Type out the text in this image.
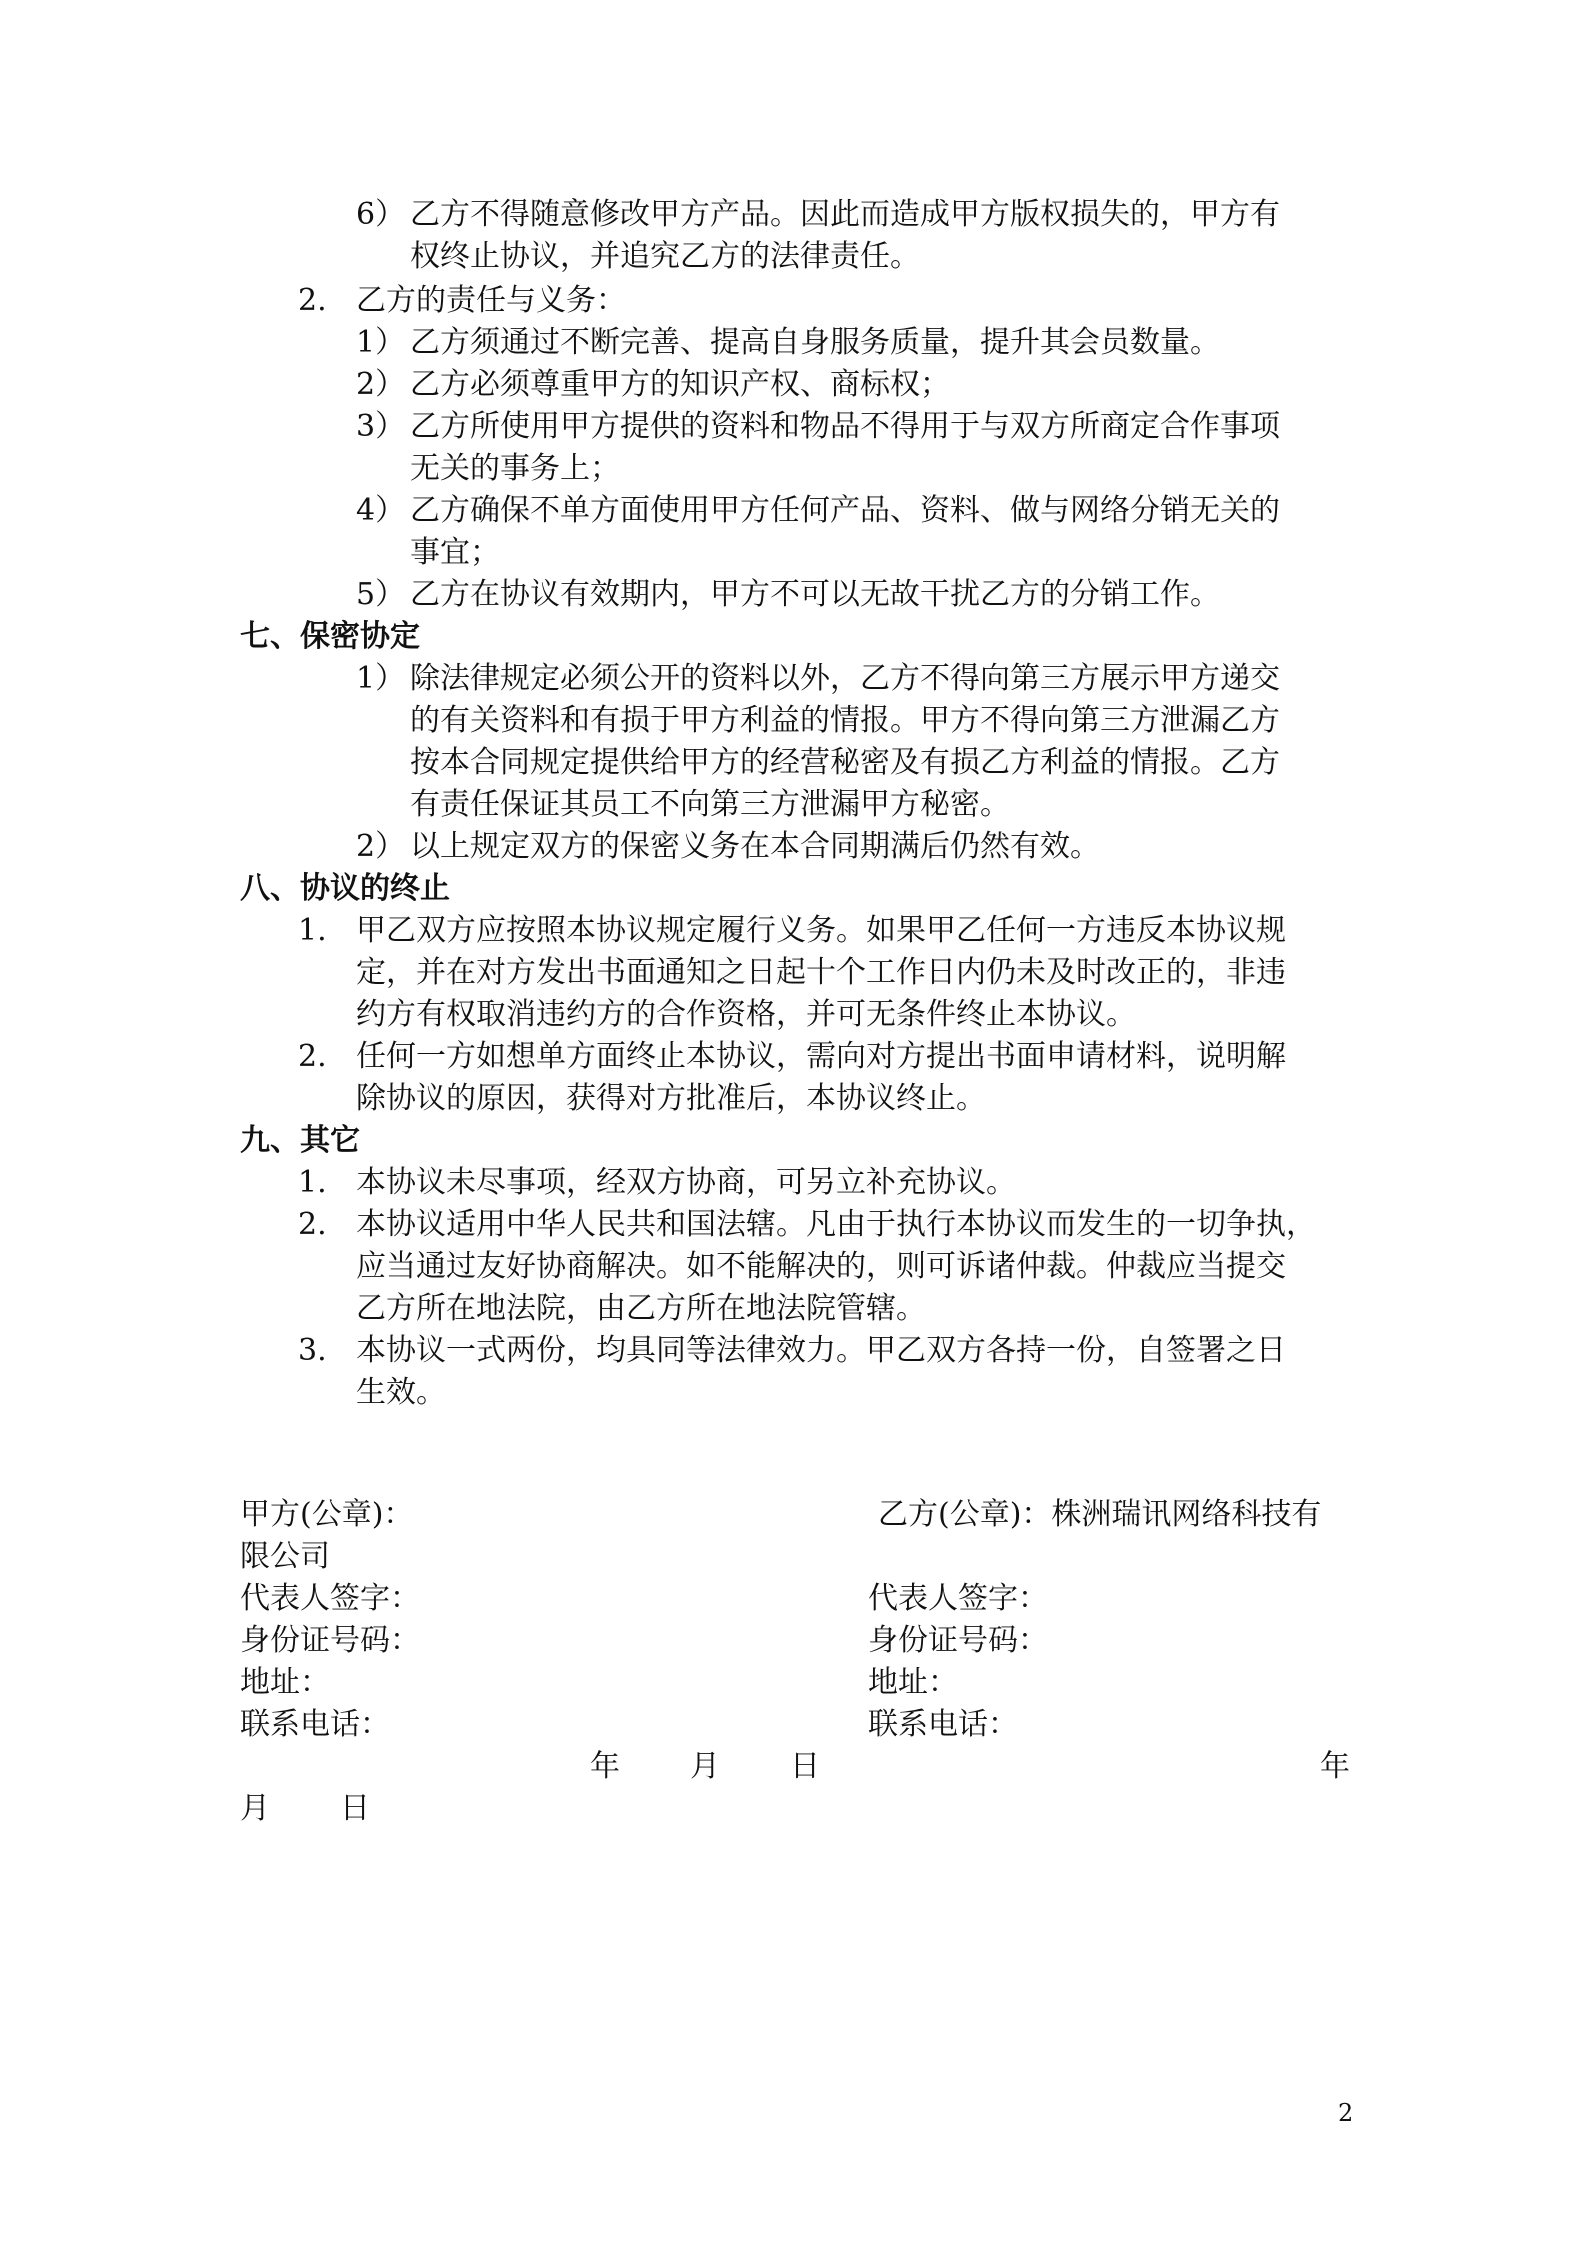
6） 乙方不得随意修改甲方产品。因此而造成甲方版权损失的，甲方有
权终止协议，并追究乙方的法律责任。
2. 乙方的责任与义务：
1） 乙方须通过不断完善、提高自身服务质量，提升其会员数量。
2） 乙方必须尊重甲方的知识产权、商标权；
3） 乙方所使用甲方提供的资料和物品不得用于与双方所商定合作事项
无关的事务上；
4） 乙方确保不单方面使用甲方任何产品、资料、做与网络分销无关的
事宜；
5） 乙方在协议有效期内，甲方不可以无故干扰乙方的分销工作。
七、保密协定
1） 除法律规定必须公开的资料以外，乙方不得向第三方展示甲方递交
的有关资料和有损于甲方利益的情报。甲方不得向第三方泄漏乙方
按本合同规定提供给甲方的经营秘密及有损乙方利益的情报。乙方
有责任保证其员工不向第三方泄漏甲方秘密。
2） 以上规定双方的保密义务在本合同期满后仍然有效。
八、协议的终止
1. 甲乙双方应按照本协议规定履行义务。如果甲乙任何一方违反本协议规
定，并在对方发出书面通知之日起十个工作日内仍未及时改正的，非违
约方有权取消违约方的合作资格，并可无条件终止本协议。
2. 任何一方如想单方面终止本协议，需向对方提出书面申请材料，说明解
除协议的原因，获得对方批准后，本协议终止。
九、其它
1. 本协议未尽事项，经双方协商，可另立补充协议。
2. 本协议适用中华人民共和国法辖。凡由于执行本协议而发生的一切争执，
应当通过友好协商解决。如不能解决的，则可诉诸仲裁。仲裁应当提交
乙方所在地法院，由乙方所在地法院管辖。
3. 本协议一式两份，均具同等法律效力。甲乙双方各持一份，自签署之日
生效。
甲方(公章)：	乙方(公章)：株洲瑞讯网络科技有
限公司
代表人签字：	代表人签字：
身份证号码：	身份证号码：
地址：	地址：
联系电话：	联系电话：
年 月 日	年
月 日
2
